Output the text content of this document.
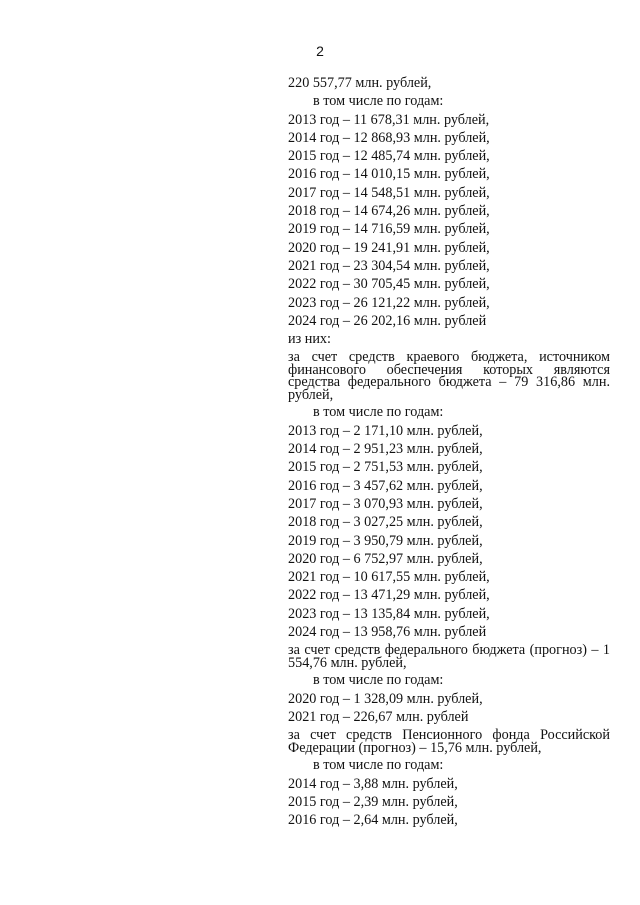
2
220 557,77 млн. рублей,
в том числе по годам:
2013 год – 11 678,31 млн. рублей,
2014 год – 12 868,93 млн. рублей,
2015 год – 12 485,74 млн. рублей,
2016 год – 14 010,15 млн. рублей,
2017 год – 14 548,51 млн. рублей,
2018 год – 14 674,26 млн. рублей,
2019 год – 14 716,59 млн. рублей,
2020 год – 19 241,91 млн. рублей,
2021 год – 23 304,54 млн. рублей,
2022 год – 30 705,45 млн. рублей,
2023 год – 26 121,22 млн. рублей,
2024 год – 26 202,16 млн. рублей
из них:
за счет средств краевого бюджета, источником финансового обеспечения которых являются средства федерального бюджета – 79 316,86 млн. рублей,
в том числе по годам:
2013 год – 2 171,10 млн. рублей,
2014 год – 2 951,23 млн. рублей,
2015 год – 2 751,53 млн. рублей,
2016 год – 3 457,62 млн. рублей,
2017 год – 3 070,93 млн. рублей,
2018 год – 3 027,25 млн. рублей,
2019 год – 3 950,79 млн. рублей,
2020 год – 6 752,97 млн. рублей,
2021 год – 10 617,55 млн. рублей,
2022 год – 13 471,29 млн. рублей,
2023 год – 13 135,84 млн. рублей,
2024 год – 13 958,76 млн. рублей
за счет средств федерального бюджета (прогноз) – 1 554,76 млн. рублей,
в том числе по годам:
2020 год – 1 328,09 млн. рублей,
2021 год – 226,67 млн. рублей
за счет средств Пенсионного фонда Российской Федерации (прогноз) – 15,76 млн. рублей,
в том числе по годам:
2014 год – 3,88 млн. рублей,
2015 год – 2,39 млн. рублей,
2016 год – 2,64 млн. рублей,
